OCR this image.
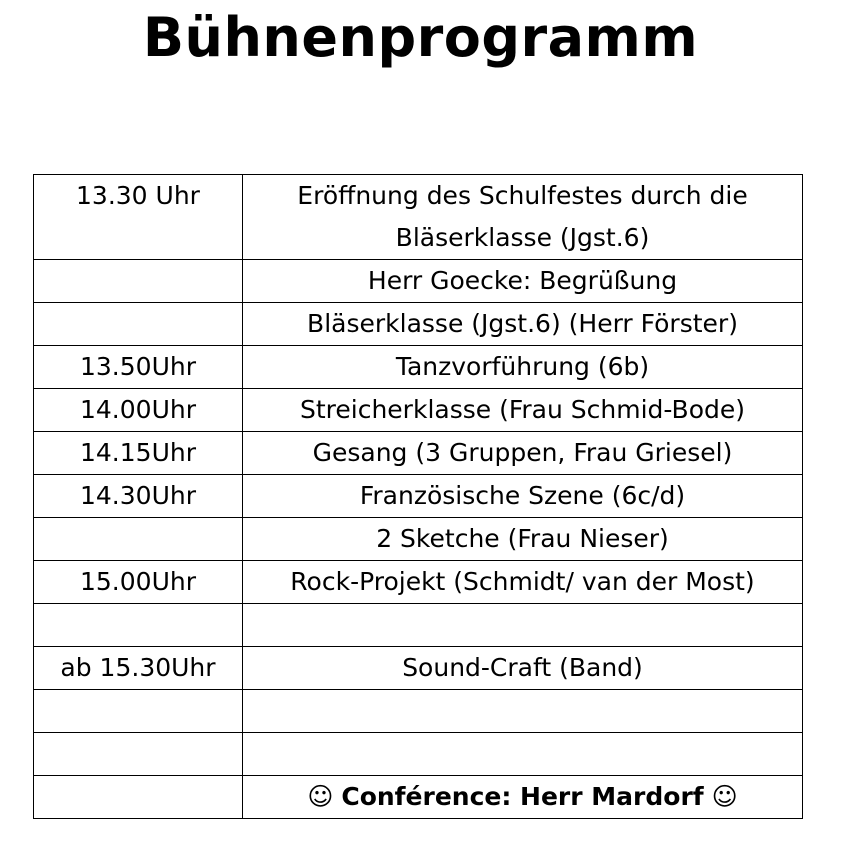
Bühnenprogramm
13.30 Uhr	Eröffnung des Schulfestes durch die Bläserklasse (Jgst.6)
	Herr Goecke: Begrüßung
	Bläserklasse (Jgst.6) (Herr Förster)
13.50Uhr	Tanzvorführung (6b)
14.00Uhr	Streicherklasse (Frau Schmid-Bode)
14.15Uhr	Gesang (3 Gruppen, Frau Griesel)
14.30Uhr	Französische Szene (6c/d)
	2 Sketche (Frau Nieser)
15.00Uhr	Rock-Projekt (Schmidt/ van der Most)

ab 15.30Uhr	Sound-Craft (Band)

	☺ Conférence: Herr Mardorf ☺
